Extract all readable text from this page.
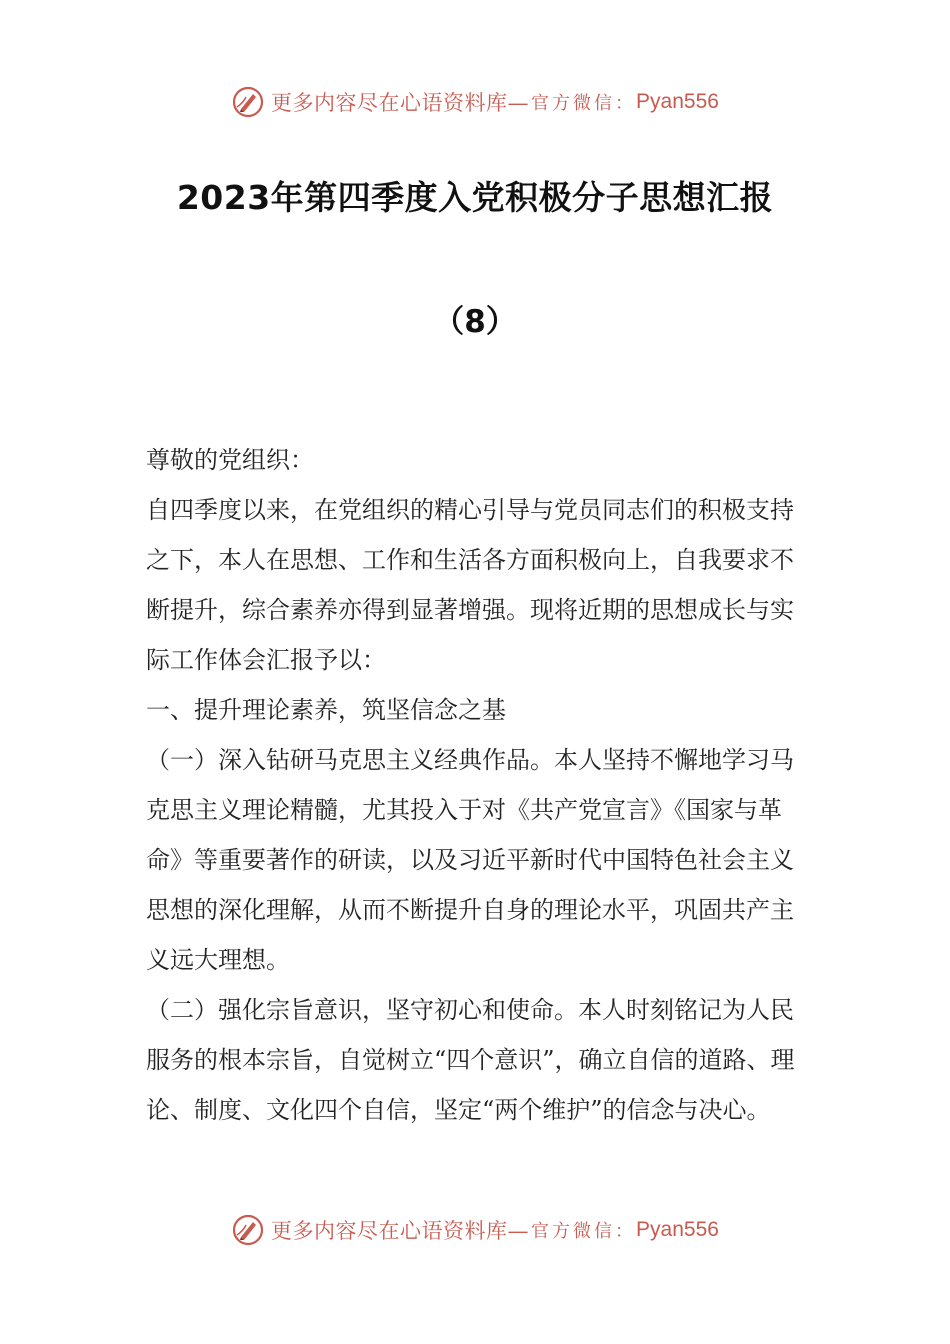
更多内容尽在心语资料库— 官方微信： Pyan556
2023年第四季度入党积极分子思想汇报
（8）

尊敬的党组织：

自四季度以来，在党组织的精心引导与党员同志们的积极支持之下，本人在思想、工作和生活各方面积极向上，自我要求不断提升，综合素养亦得到显著增强。现将近期的思想成长与实际工作体会汇报予以：

一、提升理论素养，筑坚信念之基

（一）深入钻研马克思主义经典作品。本人坚持不懈地学习马克思主义理论精髓，尤其投入于对《共产党宣言》《国家与革命》等重要著作的研读，以及习近平新时代中国特色社会主义思想的深化理解，从而不断提升自身的理论水平，巩固共产主义远大理想。

（二）强化宗旨意识，坚守初心和使命。本人时刻铭记为人民服务的根本宗旨，自觉树立“四个意识”，确立自信的道路、理论、制度、文化四个自信，坚定“两个维护”的信念与决心。

更多内容尽在心语资料库— 官方微信： Pyan556
